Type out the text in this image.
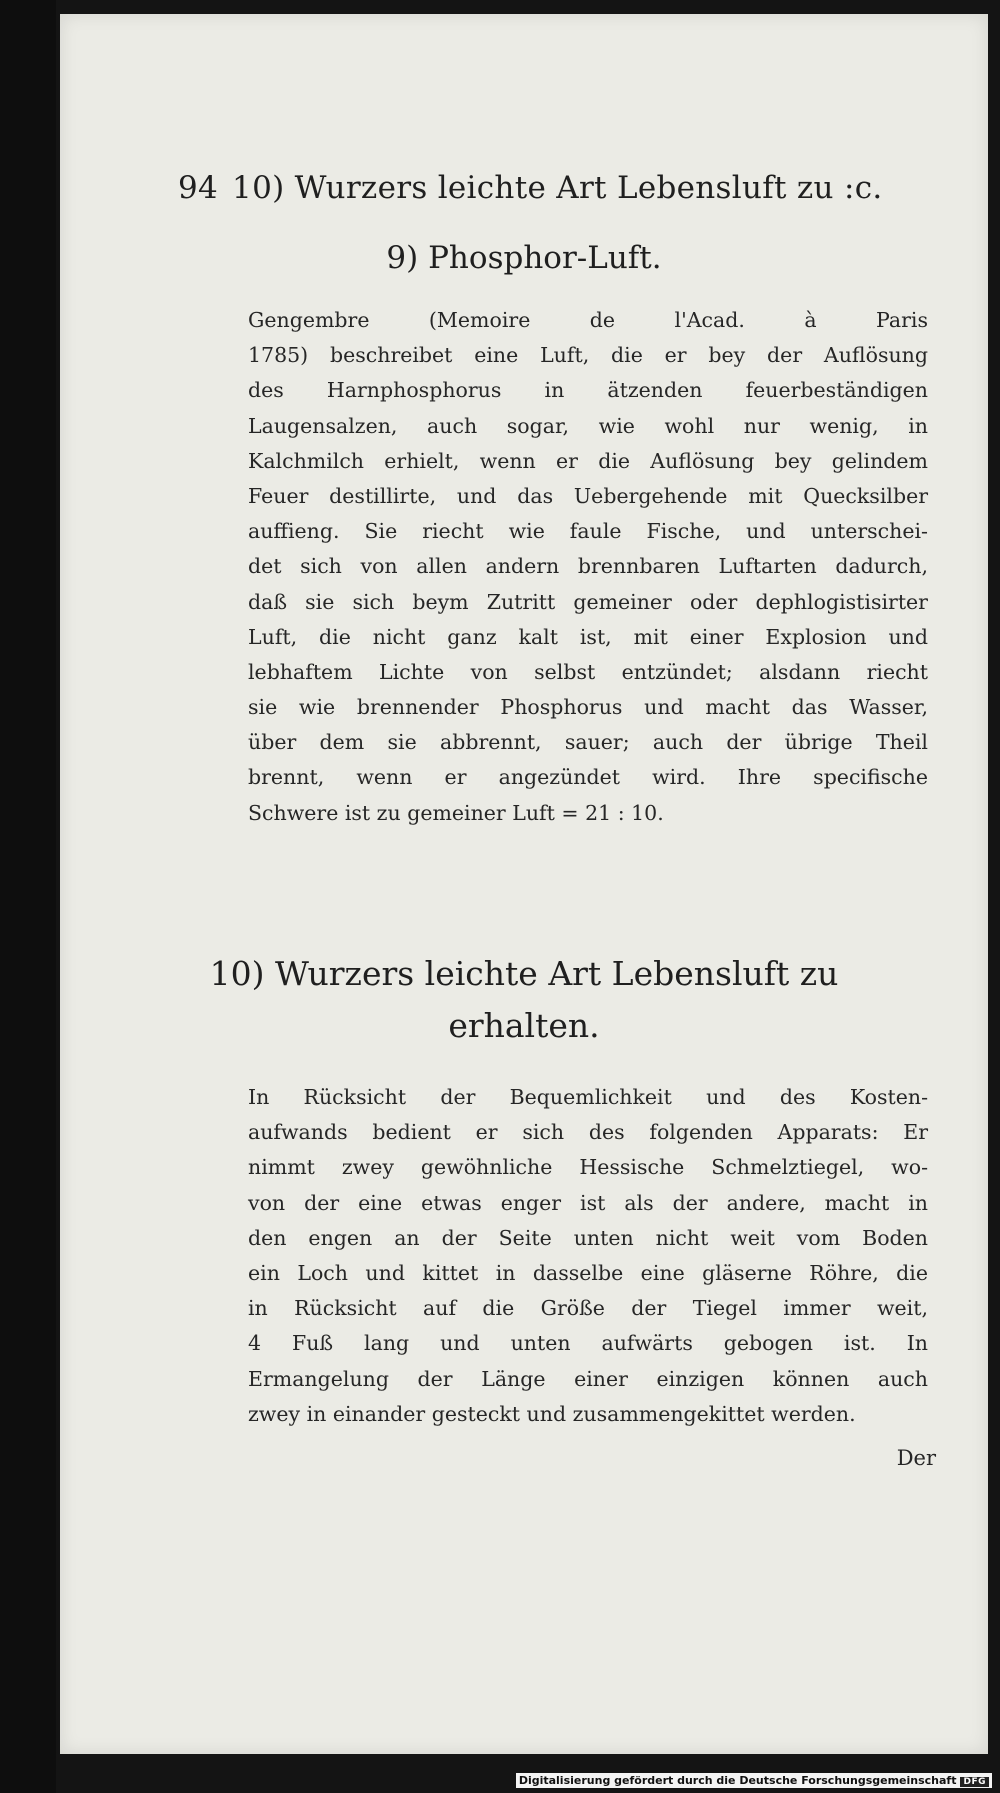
94 10) Wurzers leichte Art Lebensluft zu :c.
9) Phosphor-Luft.
Gengembre (Memoire de l'Acad. à Paris
1785) beschreibet eine Luft, die er bey der Auflösung
des Harnphosphorus in ätzenden feuerbeständigen
Laugensalzen, auch sogar, wie wohl nur wenig, in
Kalchmilch erhielt, wenn er die Auflösung bey gelindem
Feuer destillirte, und das Uebergehende mit Quecksilber
auffieng. Sie riecht wie faule Fische, und unterschei-
det sich von allen andern brennbaren Luftarten dadurch,
daß sie sich beym Zutritt gemeiner oder dephlogistisirter
Luft, die nicht ganz kalt ist, mit einer Explosion und
lebhaftem Lichte von selbst entzündet; alsdann riecht
sie wie brennender Phosphorus und macht das Wasser,
über dem sie abbrennt, sauer; auch der übrige Theil
brennt, wenn er angezündet wird. Ihre specifische
Schwere ist zu gemeiner Luft = 21 : 10.
10) Wurzers leichte Art Lebensluft zu
erhalten.
In Rücksicht der Bequemlichkeit und des Kosten-
aufwands bedient er sich des folgenden Apparats: Er
nimmt zwey gewöhnliche Hessische Schmelztiegel, wo-
von der eine etwas enger ist als der andere, macht in
den engen an der Seite unten nicht weit vom Boden
ein Loch und kittet in dasselbe eine gläserne Röhre, die
in Rücksicht auf die Größe der Tiegel immer weit,
4 Fuß lang und unten aufwärts gebogen ist. In
Ermangelung der Länge einer einzigen können auch
zwey in einander gesteckt und zusammengekittet werden.
Der
Digitalisierung gefördert durch die Deutsche Forschungsgemeinschaft DFG
